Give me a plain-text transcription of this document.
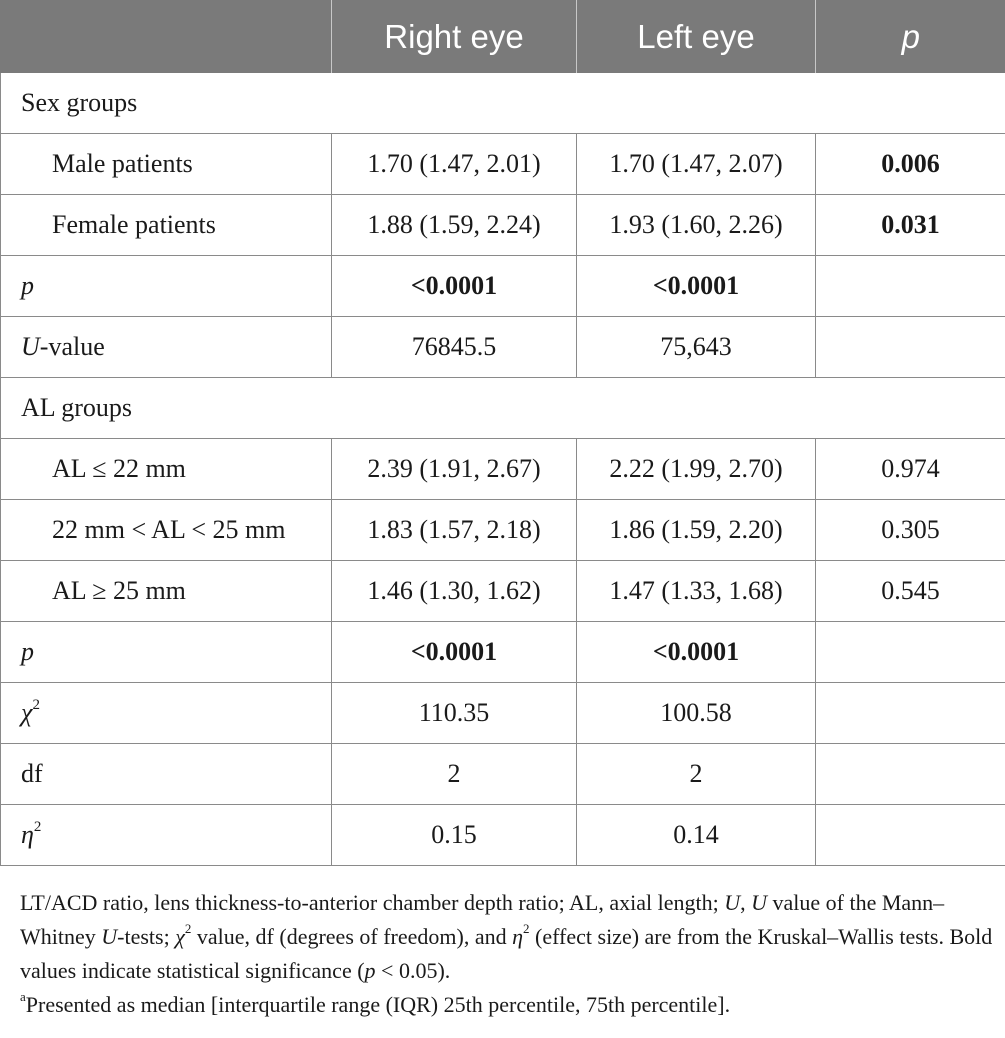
	Right eye	Left eye	p
Sex groups			
Male patients	1.70 (1.47, 2.01)	1.70 (1.47, 2.07)	0.006
Female patients	1.88 (1.59, 2.24)	1.93 (1.60, 2.26)	0.031
p	<0.0001	<0.0001	
U-value	76845.5	75,643	
AL groups			
AL ≤ 22 mm	2.39 (1.91, 2.67)	2.22 (1.99, 2.70)	0.974
22 mm < AL < 25 mm	1.83 (1.57, 2.18)	1.86 (1.59, 2.20)	0.305
AL ≥ 25 mm	1.46 (1.30, 1.62)	1.47 (1.33, 1.68)	0.545
p	<0.0001	<0.0001	
$\chi^2$	110.35	100.58	
df	2	2	
$\eta^2$	0.15	0.14	

LT/ACD ratio, lens thickness-to-anterior chamber depth ratio; AL, axial length; U, U value of the Mann–Whitney U-tests; $\chi^2$ value, df (degrees of freedom), and $\eta^2$ (effect size) are from the Kruskal–Wallis tests. Bold values indicate statistical significance (p < 0.05).

$^a$Presented as median [interquartile range (IQR) 25th percentile, 75th percentile].
